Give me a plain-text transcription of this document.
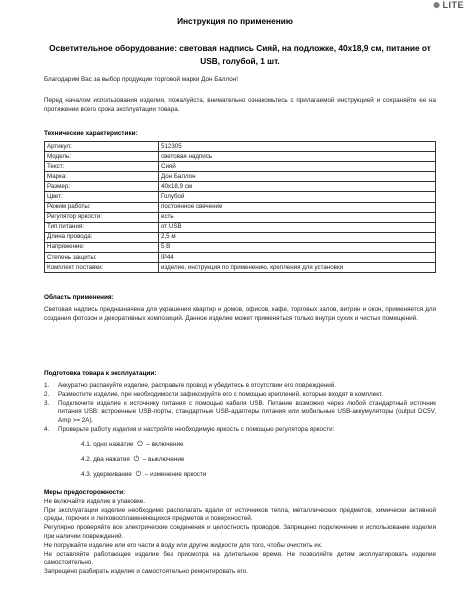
✺ LITE
Инструкция по применению
Осветительное оборудование: световая надпись Сияй, на подложке, 40x18,9 см, питание от USB, голубой, 1 шт.
Благодарим Вас за выбор продукции торговой марки Дон Баллон!
Перед началом использования изделия, пожалуйста, внимательно ознакомьтесь с прилагаемой инструкцией и сохраняйте ее на протяжении всего срока эксплуатации товара.
Технические характеристики:
Артикул:	512305
Модель:	световая надпись
Текст:	Сияй
Марка:	Дон Баллон
Размер:	40х18,9 см
Цвет:	Голубой
Режим работы:	постоянное свечение
Регулятор яркости:	есть
Тип питания:	от USB
Длина провода:	2,5 м
Напряжение:	5 В
Степень защиты:	IP44
Комплект поставки:	изделие, инструкция по применению, крепления для установки
Область применения:
Световая надпись предназначена для украшения квартир и домов, офисов, кафе, торговых залов, витрин и окон, применяется для создания фотозон и декоративных композиций. Данное изделие может применяться только внутри сухих и чистых помещений.
Подготовка товара к эксплуатации:
1. Аккуратно распакуйте изделие, расправьте провод и убедитесь в отсутствии его повреждений.
2. Разместите изделие, при необходимости зафиксируйте его с помощью креплений, которые входят в комплект.
3. Подключите изделие к источнику питания с помощью кабеля USB. Питание возможно через любой стандартный источник питания USB: встроенные USB-порты, стандартные USB-адаптеры питания или мобильные USB-аккумуляторы (output DC5V, Amp >= 2A).
4. Проверьте работу изделия и настройте необходимую яркость с помощью регулятора яркости:
4.1. одно нажатие ⏻ – включение
4.2. два нажатия ⏻ – выключение
4.3. удерживание ⏻ – изменение яркости

Меры предосторожности:

Не включайте изделие в упаковке.

При эксплуатации изделие необходимо располагать вдали от источников тепла, металлических предметов, химически активной среды, горючих и легковоспламеняющихся предметов и поверхностей.

Регулярно проверяйте все электрические соединения и целостность проводов. Запрещено подключение и использование изделия при наличии повреждений.

Не погружайте изделие или его части в воду или другие жидкости для того, чтобы очистить их.

Не оставляйте работающее изделие без присмотра на длительное время. Не позволяйте детям эксплуатировать изделие самостоятельно.

Запрещено разбирать изделие и самостоятельно ремонтировать его.
